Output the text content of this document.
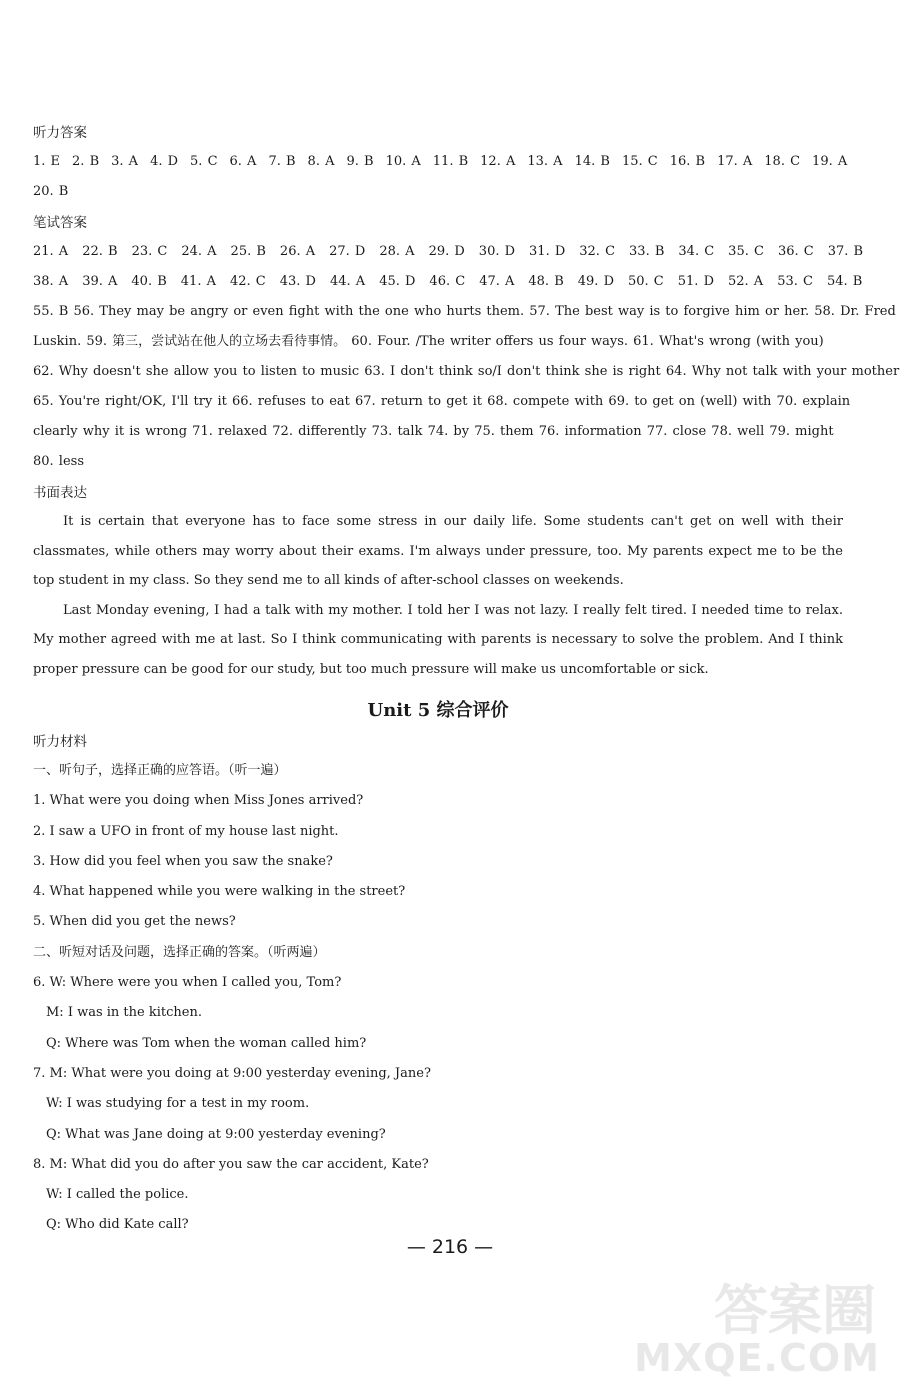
听力答案
1. E 2. B 3. A 4. D 5. C 6. A 7. B 8. A 9. B 10. A 11. B 12. A 13. A 14. B 15. C 16. B 17. A 18. C 19. A
20. B
笔试答案
21. A 22. B 23. C 24. A 25. B 26. A 27. D 28. A 29. D 30. D 31. D 32. C 33. B 34. C 35. C 36. C 37. B
38. A 39. A 40. B 41. A 42. C 43. D 44. A 45. D 46. C 47. A 48. B 49. D 50. C 51. D 52. A 53. C 54. B
55. B 56. They may be angry or even fight with the one who hurts them. 57. The best way is to forgive him or her. 58. Dr. Fred
Luskin. 59. 第三，尝试站在他人的立场去看待事情。 60. Four. /The writer offers us four ways. 61. What's wrong (with you)
62. Why doesn't she allow you to listen to music 63. I don't think so/I don't think she is right 64. Why not talk with your mother
65. You're right/OK, I'll try it 66. refuses to eat 67. return to get it 68. compete with 69. to get on (well) with 70. explain
clearly why it is wrong 71. relaxed 72. differently 73. talk 74. by 75. them 76. information 77. close 78. well 79. might
80. less
书面表达

It is certain that everyone has to face some stress in our daily life. Some students can't get on well with their classmates, while others may worry about their exams. I'm always under pressure, too. My parents expect me to be the top student in my class. So they send me to all kinds of after-school classes on weekends.

Last Monday evening, I had a talk with my mother. I told her I was not lazy. I really felt tired. I needed time to relax. My mother agreed with me at last. So I think communicating with parents is necessary to solve the problem. And I think proper pressure can be good for our study, but too much pressure will make us uncomfortable or sick.

Unit 5 综合评价
听力材料
一、听句子，选择正确的应答语。（听一遍）
1. What were you doing when Miss Jones arrived?
2. I saw a UFO in front of my house last night.
3. How did you feel when you saw the snake?
4. What happened while you were walking in the street?
5. When did you get the news?
二、听短对话及问题，选择正确的答案。（听两遍）
6. W: Where were you when I called you, Tom?
M: I was in the kitchen.
Q: Where was Tom when the woman called him?
7. M: What were you doing at 9:00 yesterday evening, Jane?
W: I was studying for a test in my room.
Q: What was Jane doing at 9:00 yesterday evening?
8. M: What did you do after you saw the car accident, Kate?
W: I called the police.
Q: Who did Kate call?
— 216 —
答案圈
MXQE.COM
